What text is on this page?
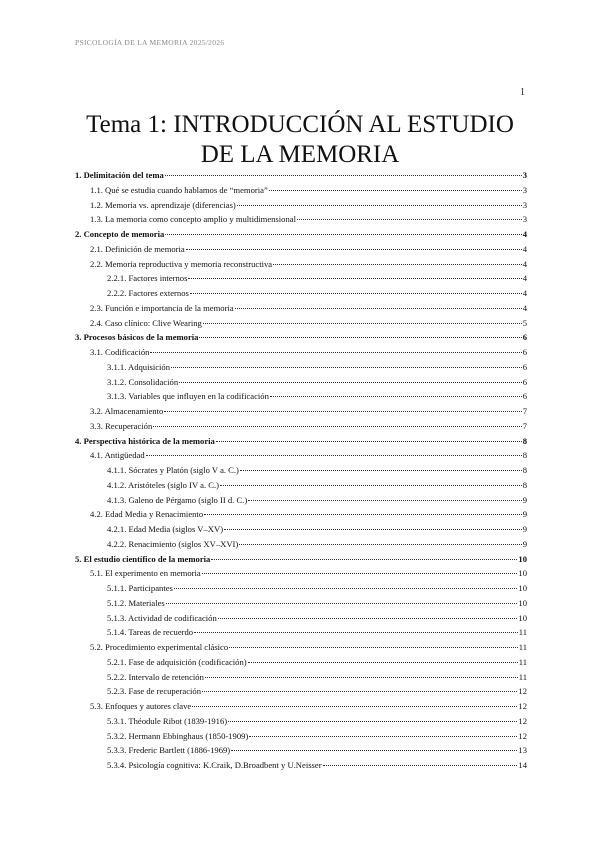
PSICOLOGÍA DE LA MEMORIA 2025/2026
1
Tema 1: INTRODUCCIÓN AL ESTUDIO
DE LA MEMORIA
1. Delimitación del tema	3
1.1. Qué se estudia cuando hablamos de “memoria”	3
1.2. Memoria vs. aprendizaje (diferencias)	3
1.3. La memoria como concepto amplio y multidimensional	3
2. Concepto de memoria	4
2.1. Definición de memoria	4
2.2. Memoria reproductiva y memoria reconstructiva	4
2.2.1. Factores internos	4
2.2.2. Factores externos	4
2.3. Función e importancia de la memoria	4
2.4. Caso clínico: Clive Wearing	5
3. Procesos básicos de la memoria	6
3.1. Codificación	6
3.1.1. Adquisición	6
3.1.2. Consolidación	6
3.1.3. Variables que influyen en la codificación	6
3.2. Almacenamiento	7
3.3. Recuperación	7
4. Perspectiva histórica de la memoria	8
4.1. Antigüedad	8
4.1.1. Sócrates y Platón (siglo V a. C.)	8
4.1.2. Aristóteles (siglo IV a. C.)	8
4.1.3. Galeno de Pérgamo (siglo II d. C.)	9
4.2. Edad Media y Renacimiento	9
4.2.1. Edad Media (siglos V–XV)	9
4.2.2. Renacimiento (siglos XV–XVI)	9
5. El estudio científico de la memoria	10
5.1. El experimento en memoria	10
5.1.1. Participantes	10
5.1.2. Materiales	10
5.1.3. Actividad de codificación	10
5.1.4. Tareas de recuerdo	11
5.2. Procedimiento experimental clásico	11
5.2.1. Fase de adquisición (codificación)	11
5.2.2. Intervalo de retención	11
5.2.3. Fase de recuperación	12
5.3. Enfoques y autores clave	12
5.3.1. Théodule Ribot (1839-1916)	12
5.3.2. Hermann Ebbinghaus (1850-1909)	12
5.3.3. Frederic Bartlett (1886-1969)	13
5.3.4. Psicología cognitiva: K.Craik, D.Broadbent y U.Neisser	14
